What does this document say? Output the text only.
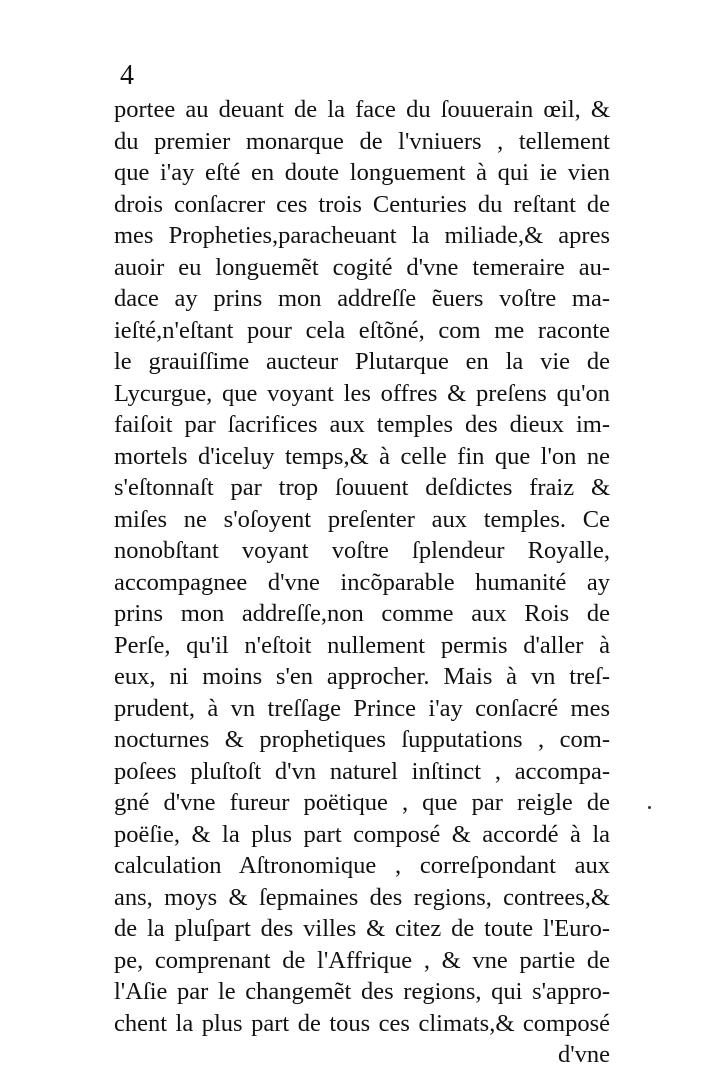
4
portee au deuant de la face du ſouuerain œil, &
du premier monarque de l'vniuers , tellement
que i'ay eſté en doute longuement à qui ie vien
drois conſacrer ces trois Centuries du reſtant de
mes Propheties,paracheuant la miliade,& apres
auoir eu longuemẽt cogité d'vne temeraire au-
dace ay prins mon addreſſe ẽuers voſtre ma-
ieſté,n'eſtant pour cela eſtõné, com me raconte
le grauiſſime aucteur Plutarque en la vie de
Lycurgue, que voyant les offres & preſens qu'on
faiſoit par ſacrifices aux temples des dieux im-
mortels d'iceluy temps,& à celle fin que l'on ne
s'eſtonnaſt par trop ſouuent deſdictes fraiz &
miſes ne s'oſoyent preſenter aux temples. Ce
nonobſtant voyant voſtre ſplendeur Royalle,
accompagnee d'vne incõparable humanité ay
prins mon addreſſe,non comme aux Rois de
Perſe, qu'il n'eſtoit nullement permis d'aller à
eux, ni moins s'en approcher. Mais à vn treſ-
prudent, à vn treſſage Prince i'ay conſacré mes
nocturnes & prophetiques ſupputations , com-
poſees pluſtoſt d'vn naturel inſtinct , accompa-
gné d'vne fureur poëtique , que par reigle de
poëſie, & la plus part composé & accordé à la
calculation Aſtronomique , correſpondant aux
ans, moys & ſepmaines des regions, contrees,&
de la pluſpart des villes & citez de toute l'Euro-
pe, comprenant de l'Affrique , & vne partie de
l'Aſie par le changemẽt des regions, qui s'appro-
chent la plus part de tous ces climats,& composé
d'vne
